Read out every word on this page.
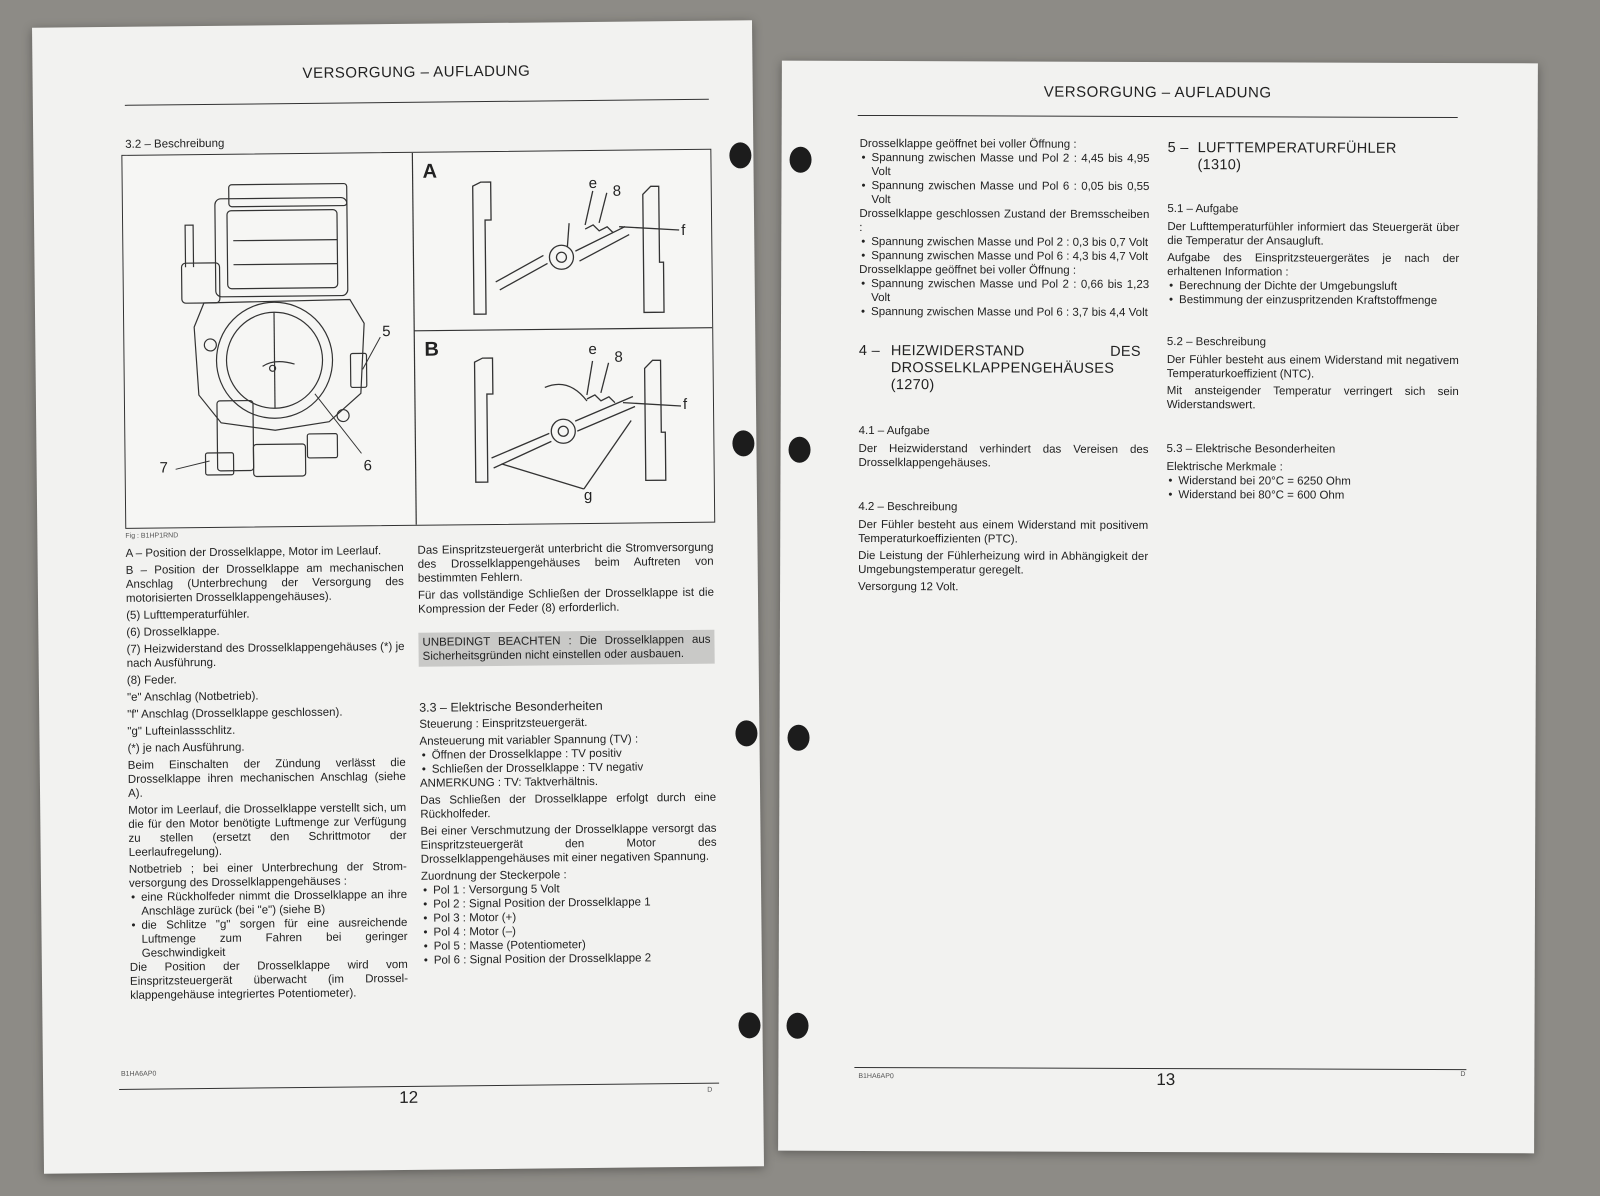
VERSORGUNG – AUFLADUNG
3.2 – Beschreibung
A
B
e 8
f
e 8
f
g
5
6
7
Fig : B1HP1RND

A – Position der Drosselklappe, Motor im Leerlauf.

B – Position der Drosselklappe am mechanischen Anschlag (Unterbrechung der Versorgung des motorisierten Drosselklappengehäuses).

(5) Lufttemperaturfühler.

(6) Drosselklappe.

(7) Heizwiderstand des Drosselklappengehäuses (*) je nach Ausführung.

(8) Feder.

"e" Anschlag (Notbetrieb).

"f" Anschlag (Drosselklappe geschlossen).

"g" Lufteinlassschlitz.

(*) je nach Ausführung.

Beim Einschalten der Zündung verlässt die Drosselklappe ihren mechanischen Anschlag (siehe A).

Motor im Leerlauf, die Drosselklappe verstellt sich, um die für den Motor benötigte Luftmenge zur Verfügung zu stellen (ersetzt den Schrittmotor der Leerlaufregelung).

Notbetrieb ; bei einer Unterbrechung der Stromversorgung des Drosselklappengehäuses :

• eine Rückholfeder nimmt die Drosselklappe an ihre Anschläge zurück (bei "e") (siehe B)
• die Schlitze "g" sorgen für eine ausreichende Luftmenge zum Fahren bei geringer Geschwindigkeit

Die Position der Drosselklappe wird vom Einspritzsteuergerät überwacht (im Drosselklappengehäuse integriertes Potentiometer).

Das Einspritzsteuergerät unterbricht die Stromversorgung des Drosselklappengehäuses beim Auftreten von bestimmten Fehlern.

Für das vollständige Schließen der Drosselklappe ist die Kompression der Feder (8) erforderlich.

UNBEDINGT BEACHTEN : Die Drosselklappen aus Sicherheitsgründen nicht einstellen oder ausbauen.
3.3 – Elektrische Besonderheiten

Steuerung : Einspritzsteuergerät.

Ansteuerung mit variabler Spannung (TV) :

• Öffnen der Drosselklappe : TV positiv
• Schließen der Drosselklappe : TV negativ

ANMERKUNG : TV: Taktverhältnis.

Das Schließen der Drosselklappe erfolgt durch eine Rückholfeder.

Bei einer Verschmutzung der Drosselklappe versorgt das Einspritzsteuergerät den Motor des Drosselklappengehäuses mit einer negativen Spannung.

Zuordnung der Steckerpole :

• Pol 1 : Versorgung 5 Volt
• Pol 2 : Signal Position der Drosselklappe 1
• Pol 3 : Motor (+)
• Pol 4 : Motor (–)
• Pol 5 : Masse (Potentiometer)
• Pol 6 : Signal Position der Drosselklappe 2
B1HA6AP0
12	D
VERSORGUNG – AUFLADUNG

Drosselklappe geöffnet bei voller Öffnung :

• Spannung zwischen Masse und Pol 2 : 4,45 bis 4,95 Volt
• Spannung zwischen Masse und Pol 6 : 0,05 bis 0,55 Volt

Drosselklappe geschlossen Zustand der Bremsscheiben :

• Spannung zwischen Masse und Pol 2 : 0,3 bis 0,7 Volt
• Spannung zwischen Masse und Pol 6 : 4,3 bis 4,7 Volt

Drosselklappe geöffnet bei voller Öffnung :

• Spannung zwischen Masse und Pol 2 : 0,66 bis 1,23 Volt
• Spannung zwischen Masse und Pol 6 : 3,7 bis 4,4 Volt
4 – HEIZWIDERSTAND DES DROSSELKLAPPENGEHÄUSES
(1270)
4.1 – Aufgabe

Der Heizwiderstand verhindert das Vereisen des Drosselklappengehäuses.

4.2 – Beschreibung

Der Fühler besteht aus einem Widerstand mit positivem Temperaturkoeffizienten (PTC).

Die Leistung der Fühlerheizung wird in Abhängigkeit der Umgebungstemperatur geregelt.

Versorgung 12 Volt.

5 – LUFTTEMPERATURFÜHLER
(1310)
5.1 – Aufgabe

Der Lufttemperaturfühler informiert das Steuergerät über die Temperatur der Ansaugluft.

Aufgabe des Einspritzsteuergerätes je nach der erhaltenen Information :

• Berechnung der Dichte der Umgebungsluft
• Bestimmung der einzuspritzenden Kraftstoffmenge
5.2 – Beschreibung

Der Fühler besteht aus einem Widerstand mit negativem Temperaturkoeffizient (NTC).

Mit ansteigender Temperatur verringert sich sein Widerstandswert.

5.3 – Elektrische Besonderheiten

Elektrische Merkmale :

• Widerstand bei 20°C = 6250 Ohm
• Widerstand bei 80°C = 600 Ohm
B1HA6AP0	13	D
